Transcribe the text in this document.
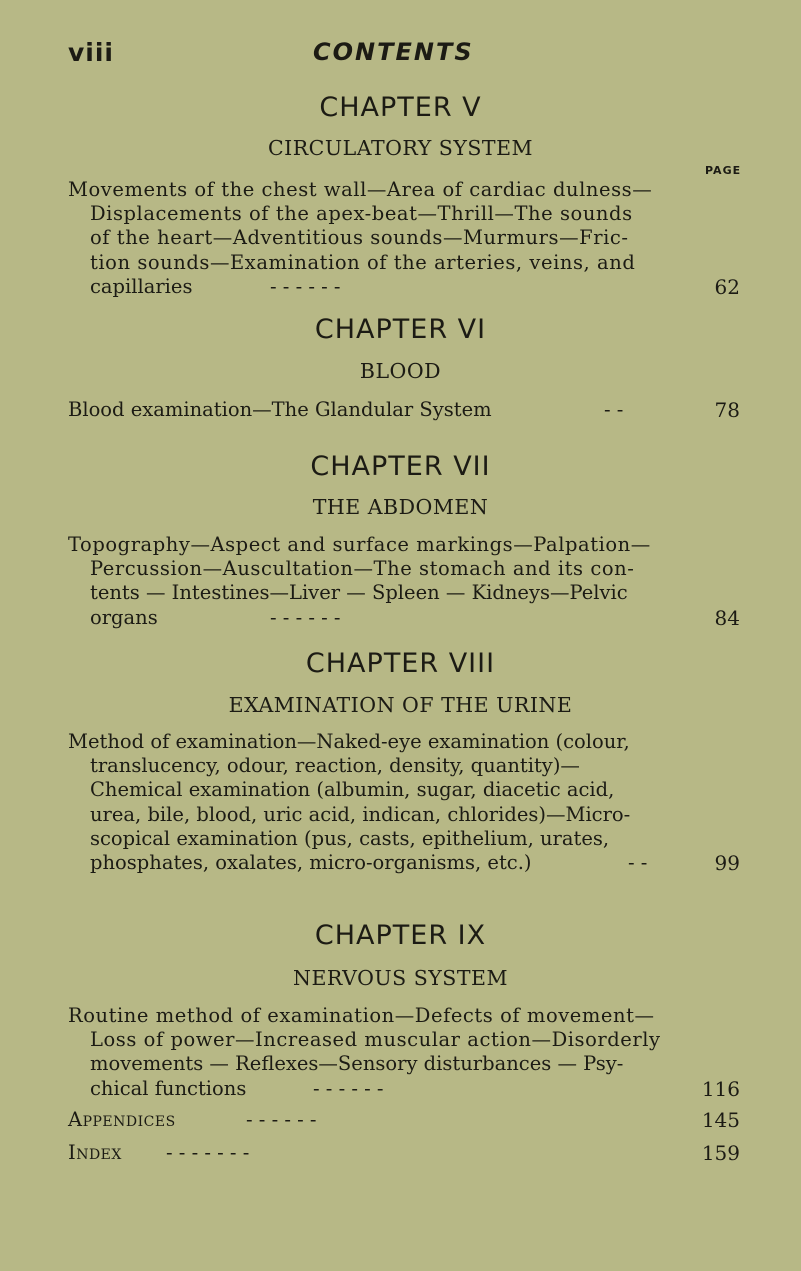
viii	CONTENTS
CHAPTER V
CIRCULATORY SYSTEM
PAGE
Movements of the chest wall—Area of cardiac dulness—
Displacements of the apex-beat—Thrill—The sounds
of the heart—Adventitious sounds—Murmurs—Fric-
tion sounds—Examination of the arteries, veins, and
capillaries	- - - - - -	62
CHAPTER VI
BLOOD
Blood examination—The Glandular System	- -	78
CHAPTER VII
THE ABDOMEN
Topography—Aspect and surface markings—Palpation—
Percussion—Auscultation—The stomach and its con-
tents — Intestines—Liver — Spleen — Kidneys—Pelvic
organs	- - - - - -	84
CHAPTER VIII
EXAMINATION OF THE URINE
Method of examination—Naked-eye examination (colour,
translucency, odour, reaction, density, quantity)—
Chemical examination (albumin, sugar, diacetic acid,
urea, bile, blood, uric acid, indican, chlorides)—Micro-
scopical examination (pus, casts, epithelium, urates,
phosphates, oxalates, micro-organisms, etc.)	- -	99
CHAPTER IX
NERVOUS SYSTEM
Routine method of examination—Defects of movement—
Loss of power—Increased muscular action—Disorderly
movements — Reflexes—Sensory disturbances — Psy-
chical functions	- - - - - -	116
Appendices	- - - - - -	145
Index - - - - - - -	159
